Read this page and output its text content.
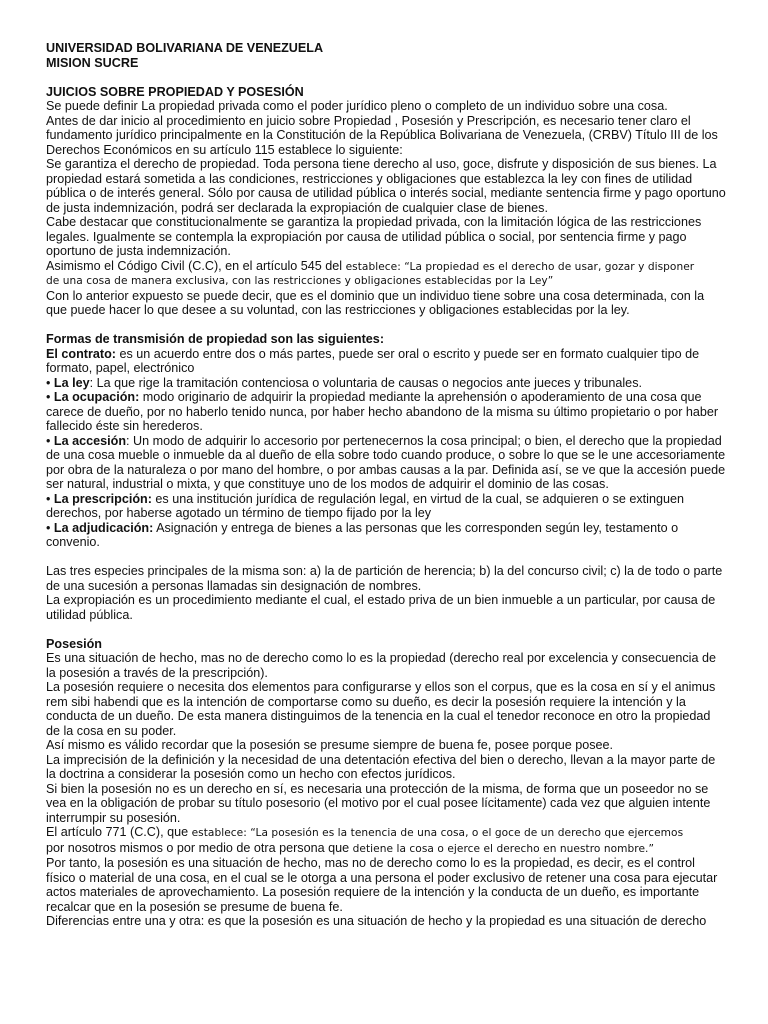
UNIVERSIDAD BOLIVARIANA DE VENEZUELA
MISION SUCRE
JUICIOS SOBRE PROPIEDAD Y POSESIÓN
Se puede definir La propiedad privada como el poder jurídico pleno o completo de un individuo sobre una cosa.
Antes de dar inicio al procedimiento en juicio sobre Propiedad , Posesión y Prescripción, es necesario tener claro el
fundamento jurídico principalmente en la Constitución de la República Bolivariana de Venezuela, (CRBV) Título III de los
Derechos Económicos en su artículo 115 establece lo siguiente:
Se garantiza el derecho de propiedad. Toda persona tiene derecho al uso, goce, disfrute y disposición de sus bienes. La
propiedad estará sometida a las condiciones, restricciones y obligaciones que establezca la ley con fines de utilidad
pública o de interés general. Sólo por causa de utilidad pública o interés social, mediante sentencia firme y pago oportuno
de justa indemnización, podrá ser declarada la expropiación de cualquier clase de bienes.
Cabe destacar que constitucionalmente se garantiza la propiedad privada, con la limitación lógica de las restricciones
legales. Igualmente se contempla la expropiación por causa de utilidad pública o social, por sentencia firme y pago
oportuno de justa indemnización.
Asimismo el Código Civil (C.C), en el artículo 545 del establece: “La propiedad es el derecho de usar, gozar y disponer
de una cosa de manera exclusiva, con las restricciones y obligaciones establecidas por la Ley”
Con lo anterior expuesto se puede decir, que es el dominio que un individuo tiene sobre una cosa determinada, con la
que puede hacer lo que desee a su voluntad, con las restricciones y obligaciones establecidas por la ley.
Formas de transmisión de propiedad son las siguientes:
El contrato: es un acuerdo entre dos o más partes, puede ser oral o escrito y puede ser en formato cualquier tipo de
formato, papel, electrónico
• La ley: La que rige la tramitación contenciosa o voluntaria de causas o negocios ante jueces y tribunales.
• La ocupación: modo originario de adquirir la propiedad mediante la aprehensión o apoderamiento de una cosa que
carece de dueño, por no haberlo tenido nunca, por haber hecho abandono de la misma su último propietario o por haber
fallecido éste sin herederos.
• La accesión: Un modo de adquirir lo accesorio por pertenecernos la cosa principal; o bien, el derecho que la propiedad
de una cosa mueble o inmueble da al dueño de ella sobre todo cuando produce, o sobre lo que se le une accesoriamente
por obra de la naturaleza o por mano del hombre, o por ambas causas a la par. Definida así, se ve que la accesión puede
ser natural, industrial o mixta, y que constituye uno de los modos de adquirir el dominio de las cosas.
• La prescripción: es una institución jurídica de regulación legal, en virtud de la cual, se adquieren o se extinguen
derechos, por haberse agotado un término de tiempo fijado por la ley
• La adjudicación: Asignación y entrega de bienes a las personas que les corresponden según ley, testamento o
convenio.
Las tres especies principales de la misma son: a) la de partición de herencia; b) la del concurso civil; c) la de todo o parte
de una sucesión a personas llamadas sin designación de nombres.
La expropiación es un procedimiento mediante el cual, el estado priva de un bien inmueble a un particular, por causa de
utilidad pública.
Posesión
Es una situación de hecho, mas no de derecho como lo es la propiedad (derecho real por excelencia y consecuencia de
la posesión a través de la prescripción).
La posesión requiere o necesita dos elementos para configurarse y ellos son el corpus, que es la cosa en sí y el animus
rem sibi habendi que es la intención de comportarse como su dueño, es decir la posesión requiere la intención y la
conducta de un dueño. De esta manera distinguimos de la tenencia en la cual el tenedor reconoce en otro la propiedad
de la cosa en su poder.
Así mismo es válido recordar que la posesión se presume siempre de buena fe, posee porque posee.
La imprecisión de la definición y la necesidad de una detentación efectiva del bien o derecho, llevan a la mayor parte de
la doctrina a considerar la posesión como un hecho con efectos jurídicos.
Si bien la posesión no es un derecho en sí, es necesaria una protección de la misma, de forma que un poseedor no se
vea en la obligación de probar su título posesorio (el motivo por el cual posee lícitamente) cada vez que alguien intente
interrumpir su posesión.
El artículo 771 (C.C), que establece: “La posesión es la tenencia de una cosa, o el goce de un derecho que ejercemos
por nosotros mismos o por medio de otra persona que detiene la cosa o ejerce el derecho en nuestro nombre.”
Por tanto, la posesión es una situación de hecho, mas no de derecho como lo es la propiedad, es decir, es el control
físico o material de una cosa, en el cual se le otorga a una persona el poder exclusivo de retener una cosa para ejecutar
actos materiales de aprovechamiento. La posesión requiere de la intención y la conducta de un dueño, es importante
recalcar que en la posesión se presume de buena fe.
Diferencias entre una y otra: es que la posesión es una situación de hecho y la propiedad es una situación de derecho
